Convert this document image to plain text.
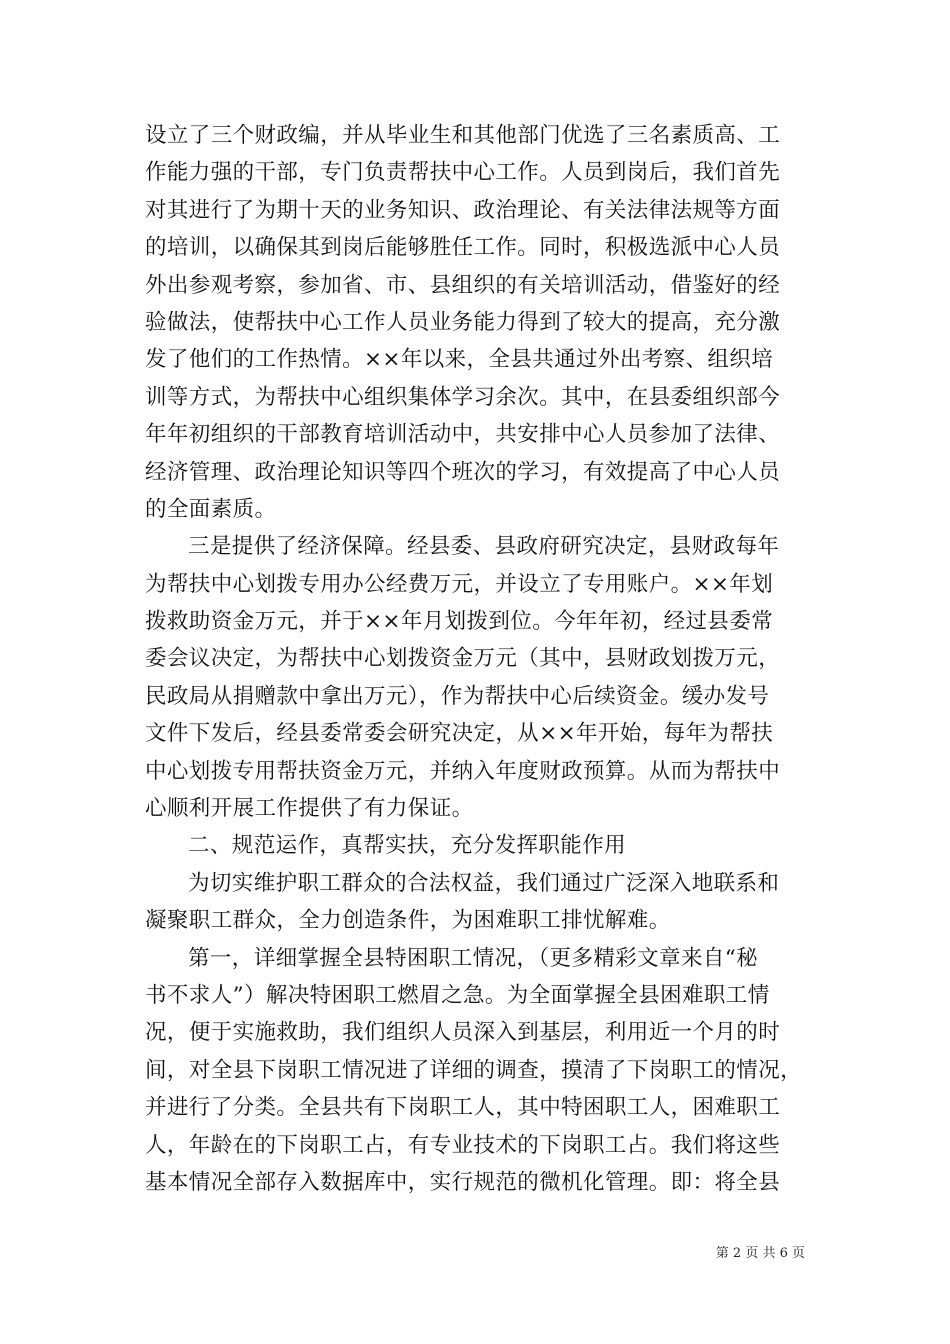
设立了三个财政编，并从毕业生和其他部门优选了三名素质高、工
作能力强的干部，专门负责帮扶中心工作。人员到岗后，我们首先
对其进行了为期十天的业务知识、政治理论、有关法律法规等方面
的培训，以确保其到岗后能够胜任工作。同时，积极选派中心人员
外出参观考察，参加省、市、县组织的有关培训活动，借鉴好的经
验做法，使帮扶中心工作人员业务能力得到了较大的提高，充分激
发了他们的工作热情。××年以来，全县共通过外出考察、组织培
训等方式，为帮扶中心组织集体学习余次。其中，在县委组织部今
年年初组织的干部教育培训活动中，共安排中心人员参加了法律、
经济管理、政治理论知识等四个班次的学习，有效提高了中心人员
的全面素质。
三是提供了经济保障。经县委、县政府研究决定，县财政每年
为帮扶中心划拨专用办公经费万元，并设立了专用账户。××年划
拨救助资金万元，并于××年月划拨到位。今年年初，经过县委常
委会议决定，为帮扶中心划拨资金万元（其中，县财政划拨万元，
民政局从捐赠款中拿出万元），作为帮扶中心后续资金。缓办发号
文件下发后，经县委常委会研究决定，从××年开始，每年为帮扶
中心划拨专用帮扶资金万元，并纳入年度财政预算。从而为帮扶中
心顺利开展工作提供了有力保证。
二、规范运作，真帮实扶，充分发挥职能作用
为切实维护职工群众的合法权益，我们通过广泛深入地联系和
凝聚职工群众，全力创造条件，为困难职工排忧解难。
第一，详细掌握全县特困职工情况，（更多精彩文章来自“秘
书不求人”）解决特困职工燃眉之急。为全面掌握全县困难职工情
况，便于实施救助，我们组织人员深入到基层，利用近一个月的时
间，对全县下岗职工情况进了详细的调查，摸清了下岗职工的情况，
并进行了分类。全县共有下岗职工人，其中特困职工人，困难职工
人，年龄在的下岗职工占，有专业技术的下岗职工占。我们将这些
基本情况全部存入数据库中，实行规范的微机化管理。即：将全县
第 2 页 共 6 页
